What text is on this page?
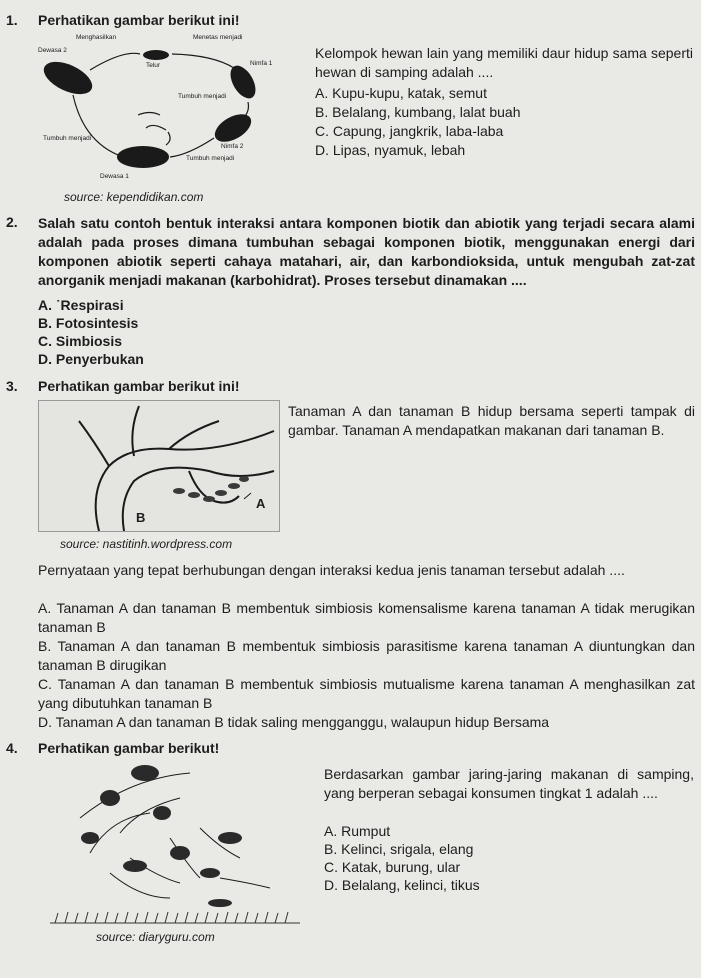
1. Perhatikan gambar berikut ini!
Menghasilkan	Menetas menjadi
Telur
Dewasa 2
Nimfa 1
Tumbuh menjadi
Tumbuh menjadi
Nimfa 2
Tumbuh menjadi
Dewasa 1
source: kependidikan.com
Kelompok hewan lain yang memiliki daur hidup sama seperti hewan di samping adalah ....
A. Kupu-kupu, katak, semut
B. Belalang, kumbang, lalat buah
C. Capung, jangkrik, laba-laba
D. Lipas, nyamuk, lebah
2. Salah satu contoh bentuk interaksi antara komponen biotik dan abiotik yang terjadi secara alami adalah pada proses dimana tumbuhan sebagai komponen biotik, menggunakan energi dari komponen abiotik seperti cahaya matahari, air, dan karbondioksida, untuk mengubah zat-zat anorganik menjadi makanan (karbohidrat). Proses tersebut dinamakan ....
A. ˙Respirasi
B. Fotosintesis
C. Simbiosis
D. Penyerbukan
3. Perhatikan gambar berikut ini!
A
B
source: nastitinh.wordpress.com
Tanaman A dan tanaman B hidup bersama seperti tampak di gambar. Tanaman A mendapatkan makanan dari tanaman B.
Pernyataan yang tepat berhubungan dengan interaksi kedua jenis tanaman tersebut adalah ....
A. Tanaman A dan tanaman B membentuk simbiosis komensalisme karena tanaman A tidak merugikan tanaman B
B. Tanaman A dan tanaman B membentuk simbiosis parasitisme karena tanaman A diuntungkan dan tanaman B dirugikan
C. Tanaman A dan tanaman B membentuk simbiosis mutualisme karena tanaman A menghasilkan zat yang dibutuhkan tanaman B
D. Tanaman A dan tanaman B tidak saling mengganggu, walaupun hidup Bersama
4. Perhatikan gambar berikut!
source: diaryguru.com
Berdasarkan gambar jaring-jaring makanan di samping, yang berperan sebagai konsumen tingkat 1 adalah ....
A. Rumput
B. Kelinci, srigala, elang
C. Katak, burung, ular
D. Belalang, kelinci, tikus
